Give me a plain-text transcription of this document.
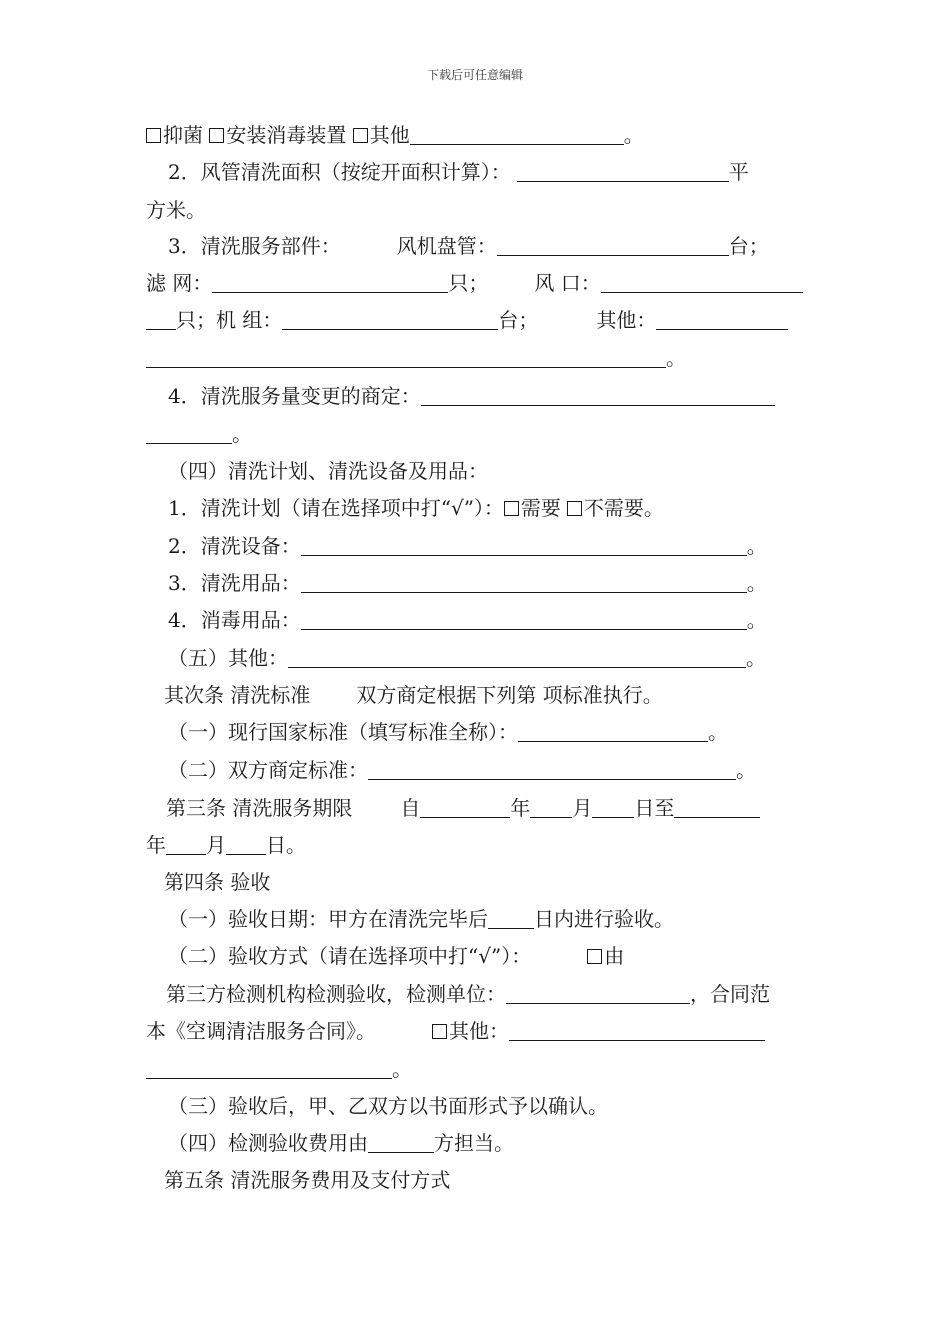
下载后可任意编辑
抑菌 安装消毒装置 其他	。
2．风管清洗面积（按绽开面积计算）：	平
方米。
3．清洗服务部件：	风机盘管：	台；
滤 网：	只； 风 口：
只；机 组：	台；	其他：
。
4．清洗服务量变更的商定：
。
（四）清洗计划、清洗设备及用品：
1．清洗计划（请在选择项中打“√”）： 需要 不需要。
2．清洗设备：	。
3．清洗用品：	。
4．消毒用品：	。
（五）其他：	。
其次条 清洗标准 双方商定根据下列第 项标准执行。
（一）现行国家标准（填写标准全称）：	。
（二）双方商定标准：	。
第三条 清洗服务期限 自	年 月 日至
年 月 日。
第四条 验收
（一）验收日期：甲方在清洗完毕后 日内进行验收。
（二）验收方式（请在选择项中打“√”）：	由
第三方检测机构检测验收，检测单位：	，合同范
本《空调清洁服务合同》。	其他：
。
（三）验收后，甲、乙双方以书面形式予以确认。
（四）检测验收费用由	方担当。
第五条 清洗服务费用及支付方式
